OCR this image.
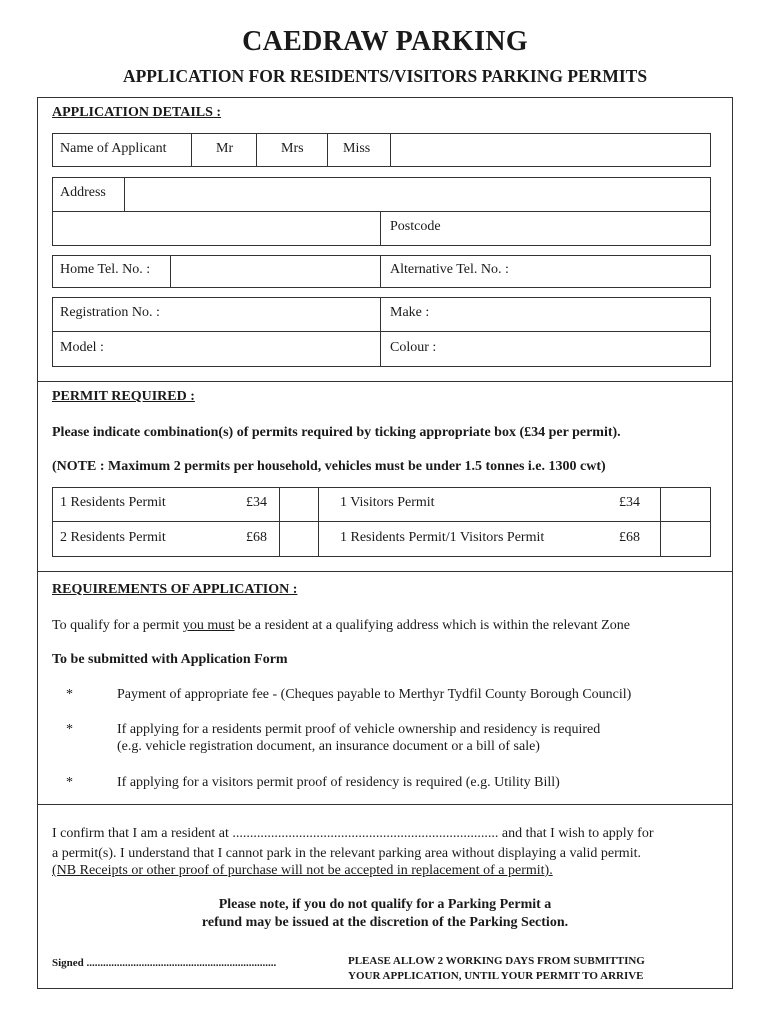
CAEDRAW PARKING
APPLICATION FOR RESIDENTS/VISITORS PARKING PERMITS
APPLICATION DETAILS :
Name of Applicant	Mr	Mrs	Miss
Address
Postcode
Home Tel. No. :	Alternative Tel. No. :
Registration No. :	Make :
Model :	Colour :
PERMIT REQUIRED :
Please indicate combination(s) of permits required by ticking appropriate box (£34 per permit).
(NOTE : Maximum 2 permits per household, vehicles must be under 1.5 tonnes i.e. 1300 cwt)
1 Residents Permit	£34	1 Visitors Permit	£34
2 Residents Permit	£68	1 Residents Permit/1 Visitors Permit	£68
REQUIREMENTS OF APPLICATION :
To qualify for a permit you must be a resident at a qualifying address which is within the relevant Zone
To be submitted with Application Form
*	Payment of appropriate fee - (Cheques payable to Merthyr Tydfil County Borough Council)
*	If applying for a residents permit proof of vehicle ownership and residency is required
(e.g. vehicle registration document, an insurance document or a bill of sale)
*	If applying for a visitors permit proof of residency is required (e.g. Utility Bill)
I confirm that I am a resident at ............................................................................ and that I wish to apply for
a permit(s). I understand that I cannot park in the relevant parking area without displaying a valid permit.
(NB Receipts or other proof of purchase will not be accepted in replacement of a permit).
Please note, if you do not qualify for a Parking Permit a
refund may be issued at the discretion of the Parking Section.
Signed .....................................................................	PLEASE ALLOW 2 WORKING DAYS FROM SUBMITTING
YOUR APPLICATION, UNTIL YOUR PERMIT TO ARRIVE
